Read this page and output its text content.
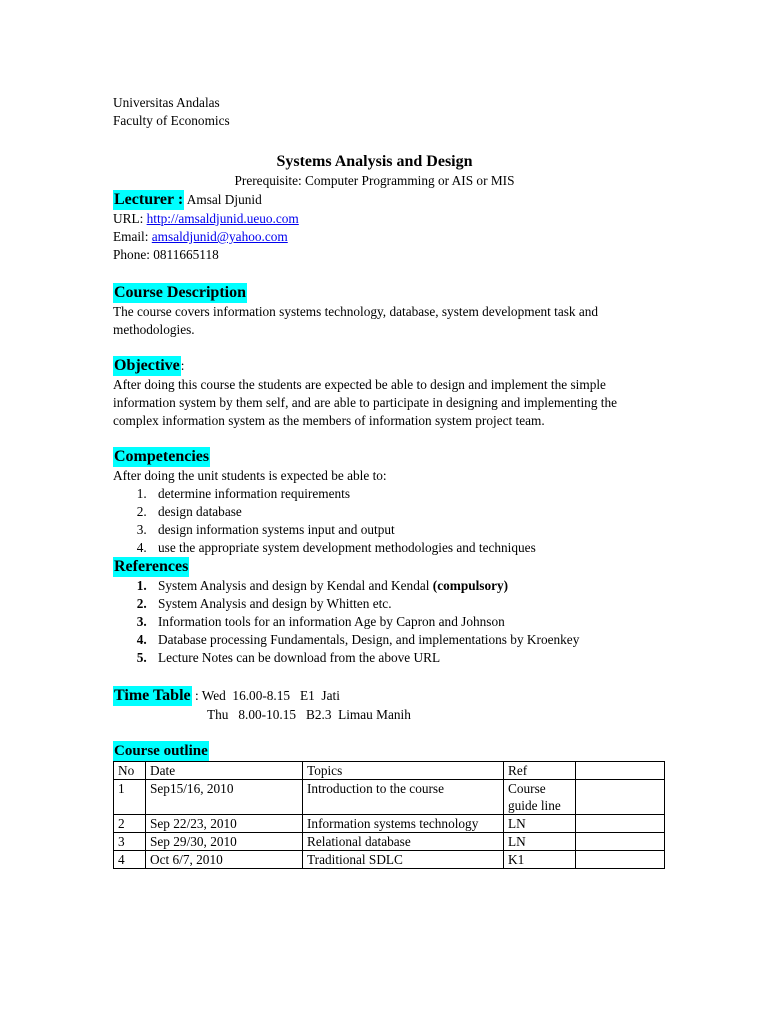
Universitas Andalas
Faculty of Economics
Systems Analysis and Design
Prerequisite: Computer Programming or AIS or MIS
Lecturer : Amsal Djunid
URL: http://amsaldjunid.ueuo.com
Email: amsaldjunid@yahoo.com
Phone: 0811665118
Course Description
The course covers information systems technology, database, system development task and methodologies.
Objective:
After doing this course the students are expected be able to design and implement the simple information system by them self, and are able to participate in designing and implementing the complex information system as the members of information system project team.
Competencies
After doing the unit students is expected be able to:
1. determine information requirements
2. design database
3. design information systems input and output
4. use the appropriate system development methodologies and techniques
References
1. System Analysis and design by Kendal and Kendal (compulsory)
2. System Analysis and design by Whitten etc.
3. Information tools for an information Age by Capron and Johnson
4. Database processing Fundamentals, Design, and implementations by Kroenkey
5. Lecture Notes can be download from the above URL
Time Table : Wed  16.00-8.15   E1  Jati
Thu   8.00-10.15   B2.3  Limau Manih
Course outline
No	Date	Topics	Ref	
1	Sep15/16, 2010	Introduction to the course	Course guide line	
2	Sep 22/23, 2010	Information systems technology	LN	
3	Sep 29/30, 2010	Relational database	LN	
4	Oct 6/7, 2010	Traditional SDLC	K1	
